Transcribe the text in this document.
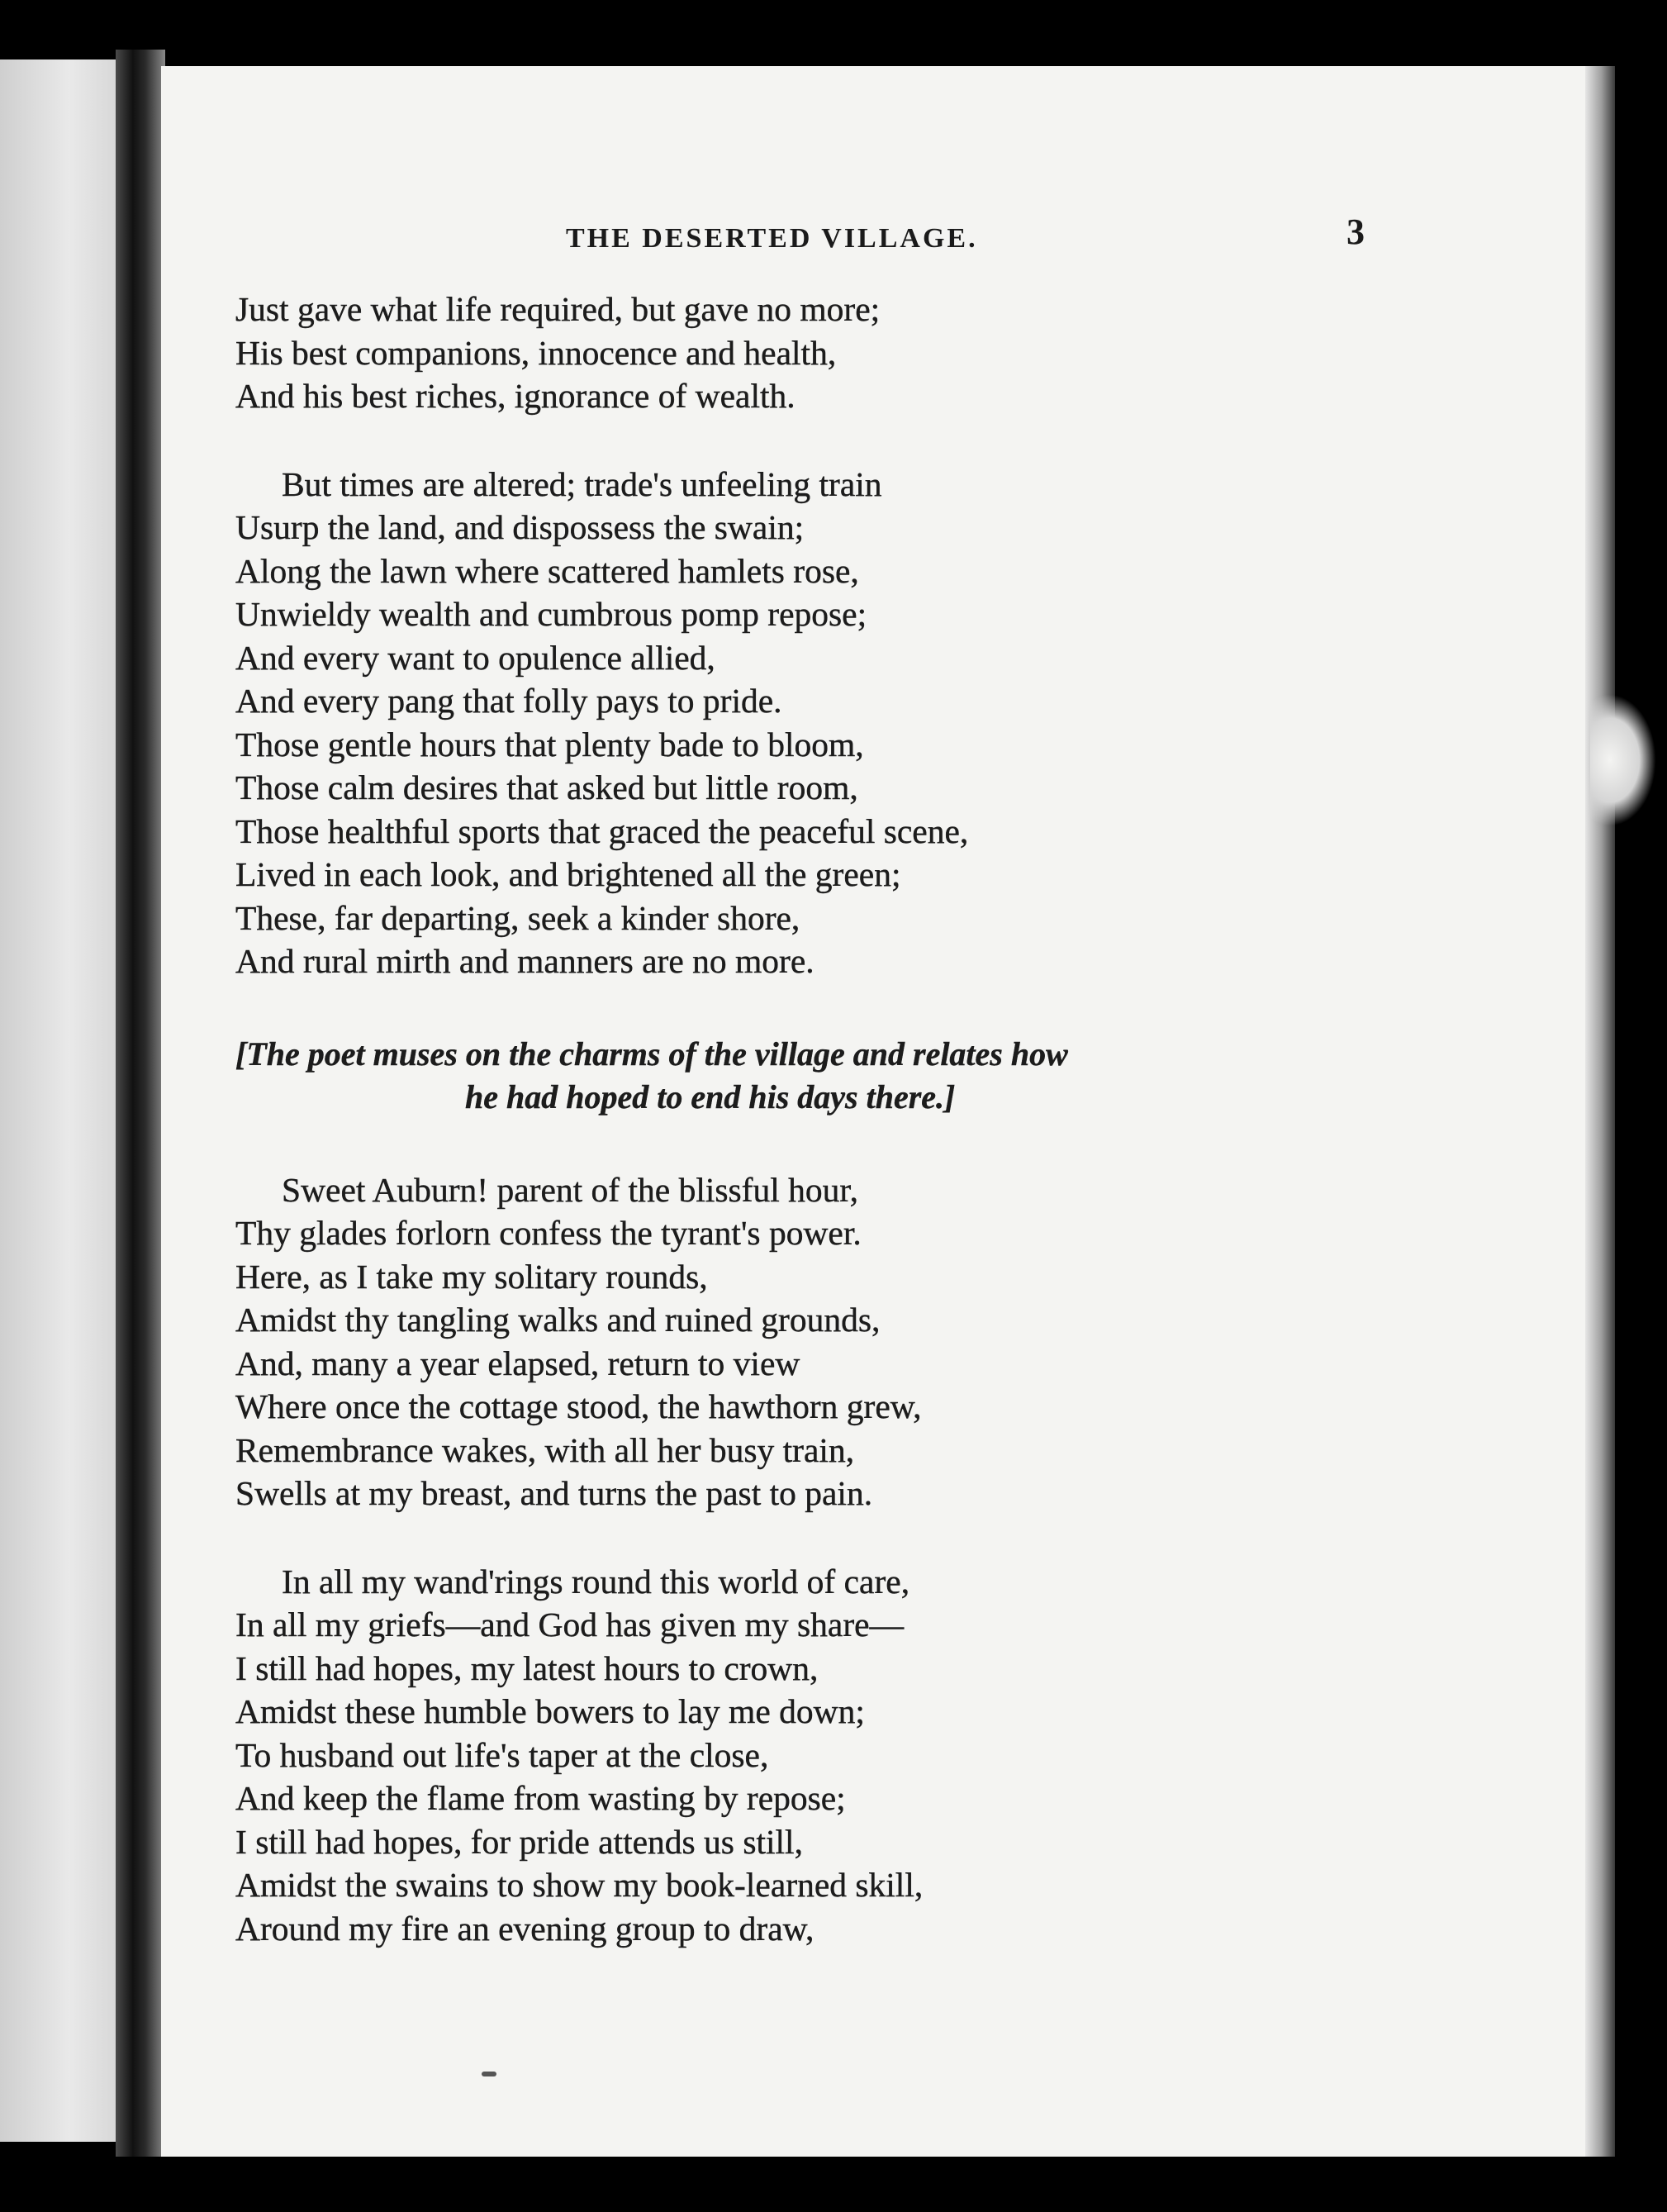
THE DESERTED VILLAGE.	3
Just gave what life required, but gave no more;
His best companions, innocence and health,
And his best riches, ignorance of wealth.
But times are altered; trade's unfeeling train
Usurp the land, and dispossess the swain;
Along the lawn where scattered hamlets rose,
Unwieldy wealth and cumbrous pomp repose;
And every want to opulence allied,
And every pang that folly pays to pride.
Those gentle hours that plenty bade to bloom,
Those calm desires that asked but little room,
Those healthful sports that graced the peaceful scene,
Lived in each look, and brightened all the green;
These, far departing, seek a kinder shore,
And rural mirth and manners are no more.
[The poet muses on the charms of the village and relates how
he had hoped to end his days there.]
Sweet Auburn! parent of the blissful hour,
Thy glades forlorn confess the tyrant's power.
Here, as I take my solitary rounds,
Amidst thy tangling walks and ruined grounds,
And, many a year elapsed, return to view
Where once the cottage stood, the hawthorn grew,
Remembrance wakes, with all her busy train,
Swells at my breast, and turns the past to pain.
In all my wand'rings round this world of care,
In all my griefs—and God has given my share—
I still had hopes, my latest hours to crown,
Amidst these humble bowers to lay me down;
To husband out life's taper at the close,
And keep the flame from wasting by repose;
I still had hopes, for pride attends us still,
Amidst the swains to show my book-learned skill,
Around my fire an evening group to draw,
